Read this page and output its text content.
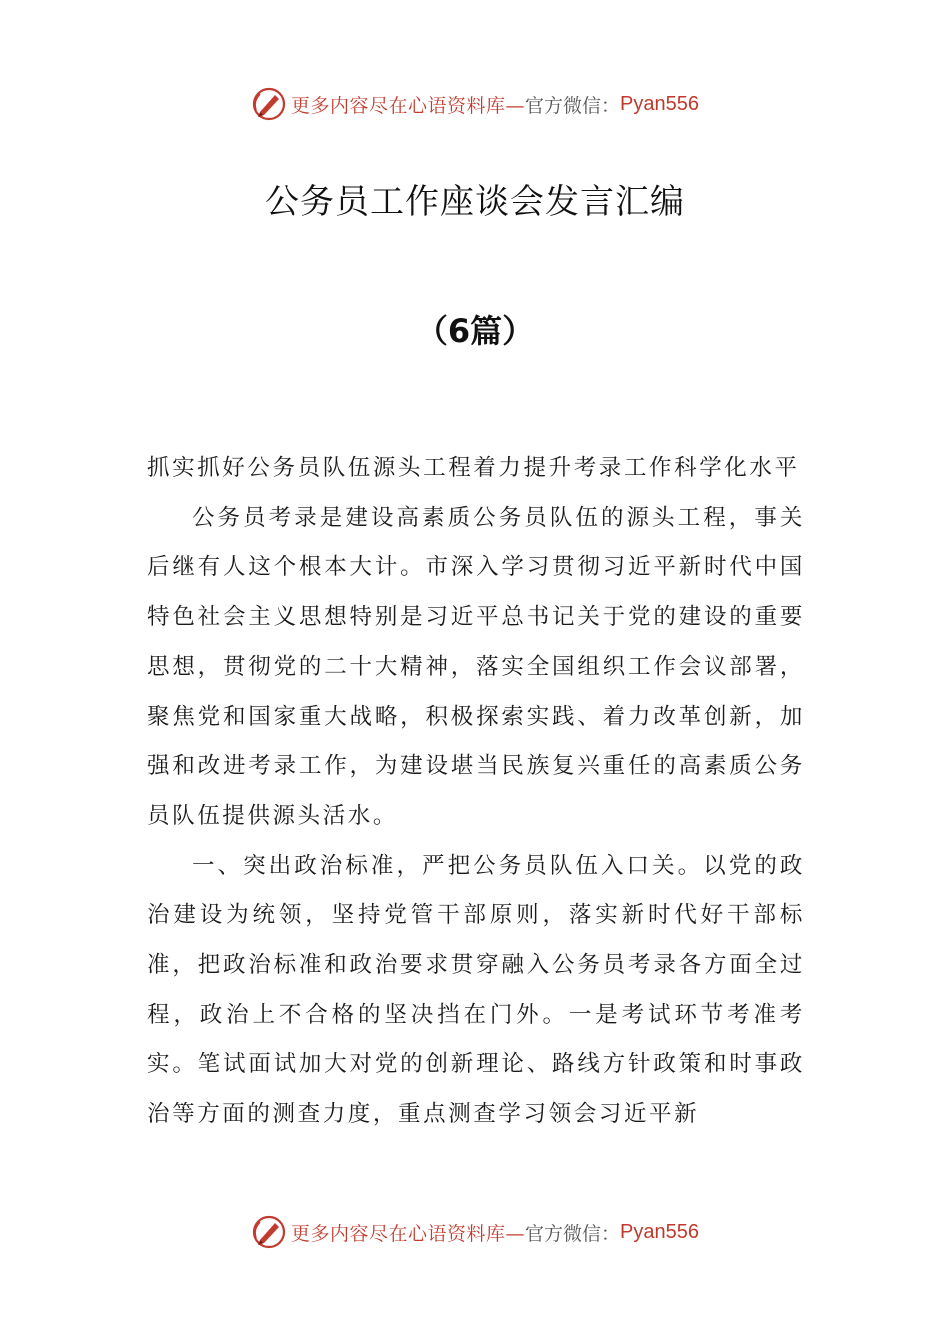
更多内容尽在心语资料库— 官方微信： Pyan556
公务员工作座谈会发言汇编
（6篇）

抓实抓好公务员队伍源头工程着力提升考录工作科学化水平

公务员考录是建设高素质公务员队伍的源头工程，事关后继有人这个根本大计。市深入学习贯彻习近平新时代中国特色社会主义思想特别是习近平总书记关于党的建设的重要思想，贯彻党的二十大精神，落实全国组织工作会议部署，聚焦党和国家重大战略，积极探索实践、着力改革创新，加强和改进考录工作，为建设堪当民族复兴重任的高素质公务员队伍提供源头活水。

一、突出政治标准，严把公务员队伍入口关。以党的政治建设为统领，坚持党管干部原则，落实新时代好干部标准，把政治标准和政治要求贯穿融入公务员考录各方面全过程，政治上不合格的坚决挡在门外。一是考试环节考准考实。笔试面试加大对党的创新理论、路线方针政策和时事政治等方面的测查力度，重点测查学习领会习近平新

更多内容尽在心语资料库— 官方微信： Pyan556
